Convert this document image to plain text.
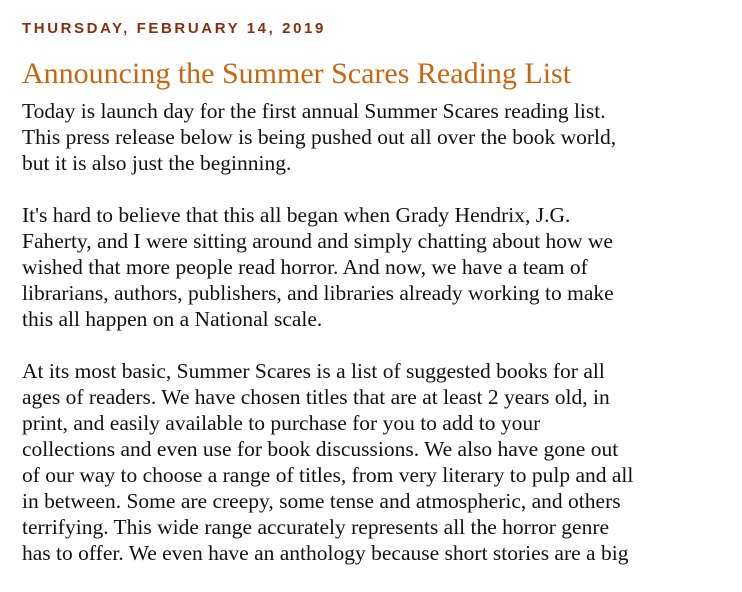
THURSDAY, FEBRUARY 14, 2019
Announcing the Summer Scares Reading List

Today is launch day for the first annual Summer Scares reading list.
This press release below is being pushed out all over the book world,
but it is also just the beginning.

It's hard to believe that this all began when Grady Hendrix, J.G.
Faherty, and I were sitting around and simply chatting about how we
wished that more people read horror. And now, we have a team of
librarians, authors, publishers, and libraries already working to make
this all happen on a National scale.

At its most basic, Summer Scares is a list of suggested books for all
ages of readers. We have chosen titles that are at least 2 years old, in
print, and easily available to purchase for you to add to your
collections and even use for book discussions. We also have gone out
of our way to choose a range of titles, from very literary to pulp and all
in between. Some are creepy, some tense and atmospheric, and others
terrifying. This wide range accurately represents all the horror genre
has to offer. We even have an anthology because short stories are a big
